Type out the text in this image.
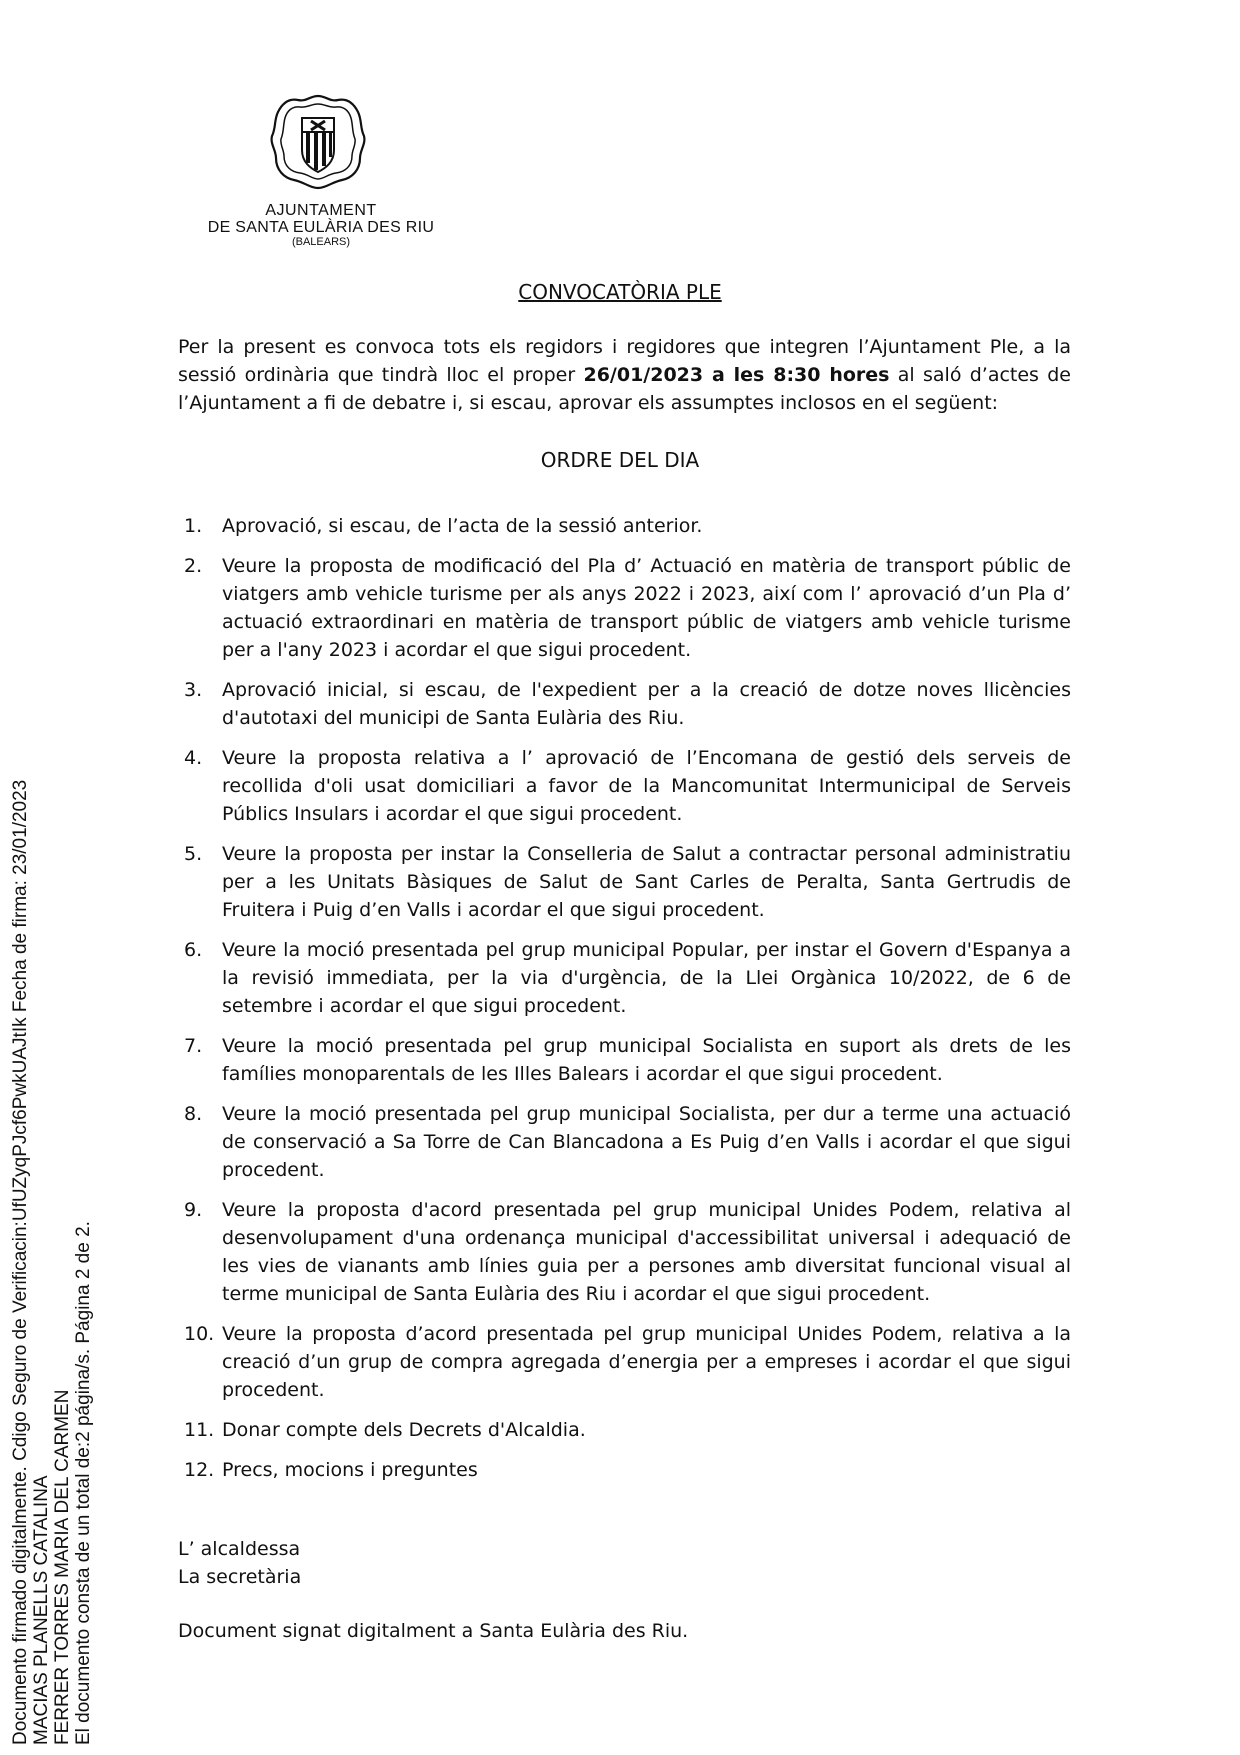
AJUNTAMENT
DE SANTA EULÀRIA DES RIU
(BALEARS)
CONVOCATÒRIA PLE

Per la present es convoca tots els regidors i regidores que integren l’Ajuntament Ple, a la sessió ordinària que tindrà lloc el proper 26/01/2023 a les 8:30 hores al saló d’actes de l’Ajuntament a fi de debatre i, si escau, aprovar els assumptes inclosos en el següent:

ORDRE DEL DIA
1. Aprovació, si escau, de l’acta de la sessió anterior.
2. Veure la proposta de modificació del Pla d’ Actuació en matèria de transport públic de viatgers amb vehicle turisme per als anys 2022 i 2023, així com l’ aprovació d’un Pla d’ actuació extraordinari en matèria de transport públic de viatgers amb vehicle turisme per a l'any 2023 i acordar el que sigui procedent.
3. Aprovació inicial, si escau, de l'expedient per a la creació de dotze noves llicències d'autotaxi del municipi de Santa Eulària des Riu.
4. Veure la proposta relativa a l’ aprovació de l’Encomana de gestió dels serveis de recollida d'oli usat domiciliari a favor de la Mancomunitat Intermunicipal de Serveis Públics Insulars i acordar el que sigui procedent.
5. Veure la proposta per instar la Conselleria de Salut a contractar personal administratiu per a les Unitats Bàsiques de Salut de Sant Carles de Peralta, Santa Gertrudis de Fruitera i Puig d’en Valls i acordar el que sigui procedent.
6. Veure la moció presentada pel grup municipal Popular, per instar el Govern d'Espanya a la revisió immediata, per la via d'urgència, de la Llei Orgànica 10/2022, de 6 de setembre i acordar el que sigui procedent.
7. Veure la moció presentada pel grup municipal Socialista en suport als drets de les famílies monoparentals de les Illes Balears i acordar el que sigui procedent.
8. Veure la moció presentada pel grup municipal Socialista, per dur a terme una actuació de conservació a Sa Torre de Can Blancadona a Es Puig d’en Valls i acordar el que sigui procedent.
9. Veure la proposta d'acord presentada pel grup municipal Unides Podem, relativa al desenvolupament d'una ordenança municipal d'accessibilitat universal i adequació de les vies de vianants amb línies guia per a persones amb diversitat funcional visual al terme municipal de Santa Eulària des Riu i acordar el que sigui procedent.
10. Veure la proposta d’acord presentada pel grup municipal Unides Podem, relativa a la creació d’un grup de compra agregada d’energia per a empreses i acordar el que sigui procedent.
11. Donar compte dels Decrets d'Alcaldia.
12. Precs, mocions i preguntes
L’ alcaldessa
La secretària
Document signat digitalment a Santa Eulària des Riu.
Documento firmado digitalmente. Cdigo Seguro de Verificacin:UfUZyqPJcf6PwkUAJtIk Fecha de firma: 23/01/2023 MACIAS PLANELLS CATALINA FERRER TORRES MARIA DEL CARMEN El documento consta de un total de:2 página/s. Página 2 de 2.
